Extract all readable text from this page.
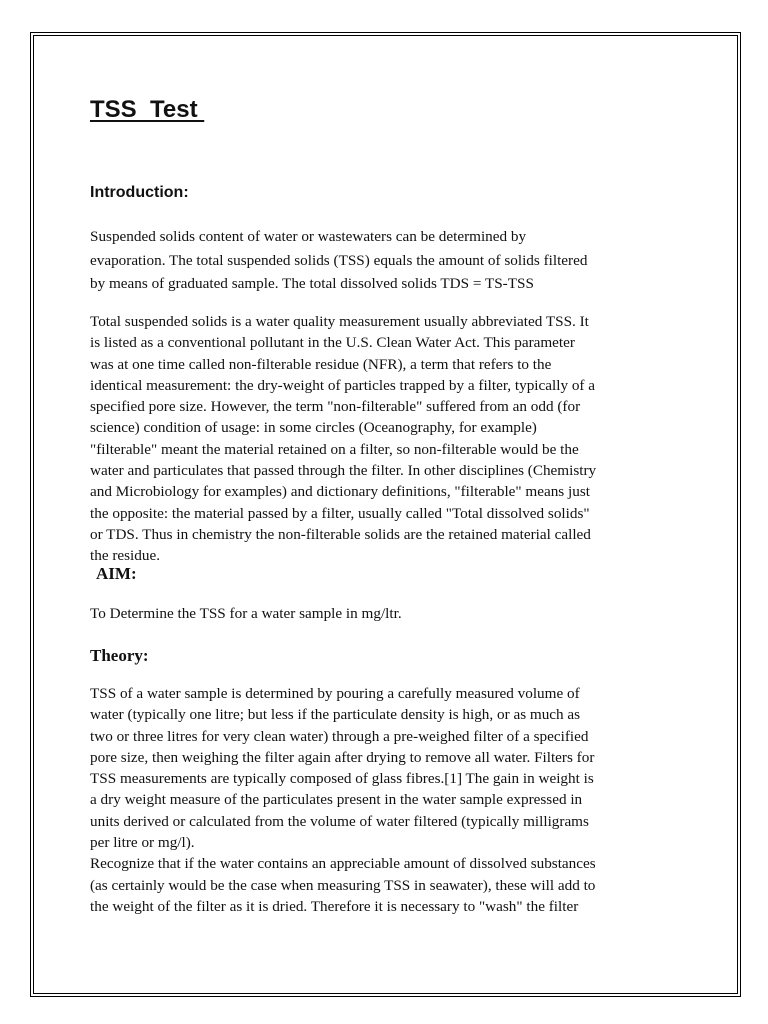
TSS  Test
Introduction:
Suspended solids content of water or wastewaters can be determined by
evaporation. The total suspended solids (TSS) equals the amount of solids filtered
by means of graduated sample. The total dissolved solids TDS = TS-TSS
Total suspended solids is a water quality measurement usually abbreviated TSS. It
is listed as a conventional pollutant in the U.S. Clean Water Act. This parameter
was at one time called non-filterable residue (NFR), a term that refers to the
identical measurement: the dry-weight of particles trapped by a filter, typically of a
specified pore size. However, the term "non-filterable" suffered from an odd (for
science) condition of usage: in some circles (Oceanography, for example)
"filterable" meant the material retained on a filter, so non-filterable would be the
water and particulates that passed through the filter. In other disciplines (Chemistry
and Microbiology for examples) and dictionary definitions, "filterable" means just
the opposite: the material passed by a filter, usually called "Total dissolved solids"
or TDS. Thus in chemistry the non-filterable solids are the retained material called
the residue.
AIM:

To Determine the TSS for a water sample in mg/ltr.

Theory:
TSS of a water sample is determined by pouring a carefully measured volume of
water (typically one litre; but less if the particulate density is high, or as much as
two or three litres for very clean water) through a pre-weighed filter of a specified
pore size, then weighing the filter again after drying to remove all water. Filters for
TSS measurements are typically composed of glass fibres.[1] The gain in weight is
a dry weight measure of the particulates present in the water sample expressed in
units derived or calculated from the volume of water filtered (typically milligrams
per litre or mg/l).
Recognize that if the water contains an appreciable amount of dissolved substances
(as certainly would be the case when measuring TSS in seawater), these will add to
the weight of the filter as it is dried. Therefore it is necessary to "wash" the filter
